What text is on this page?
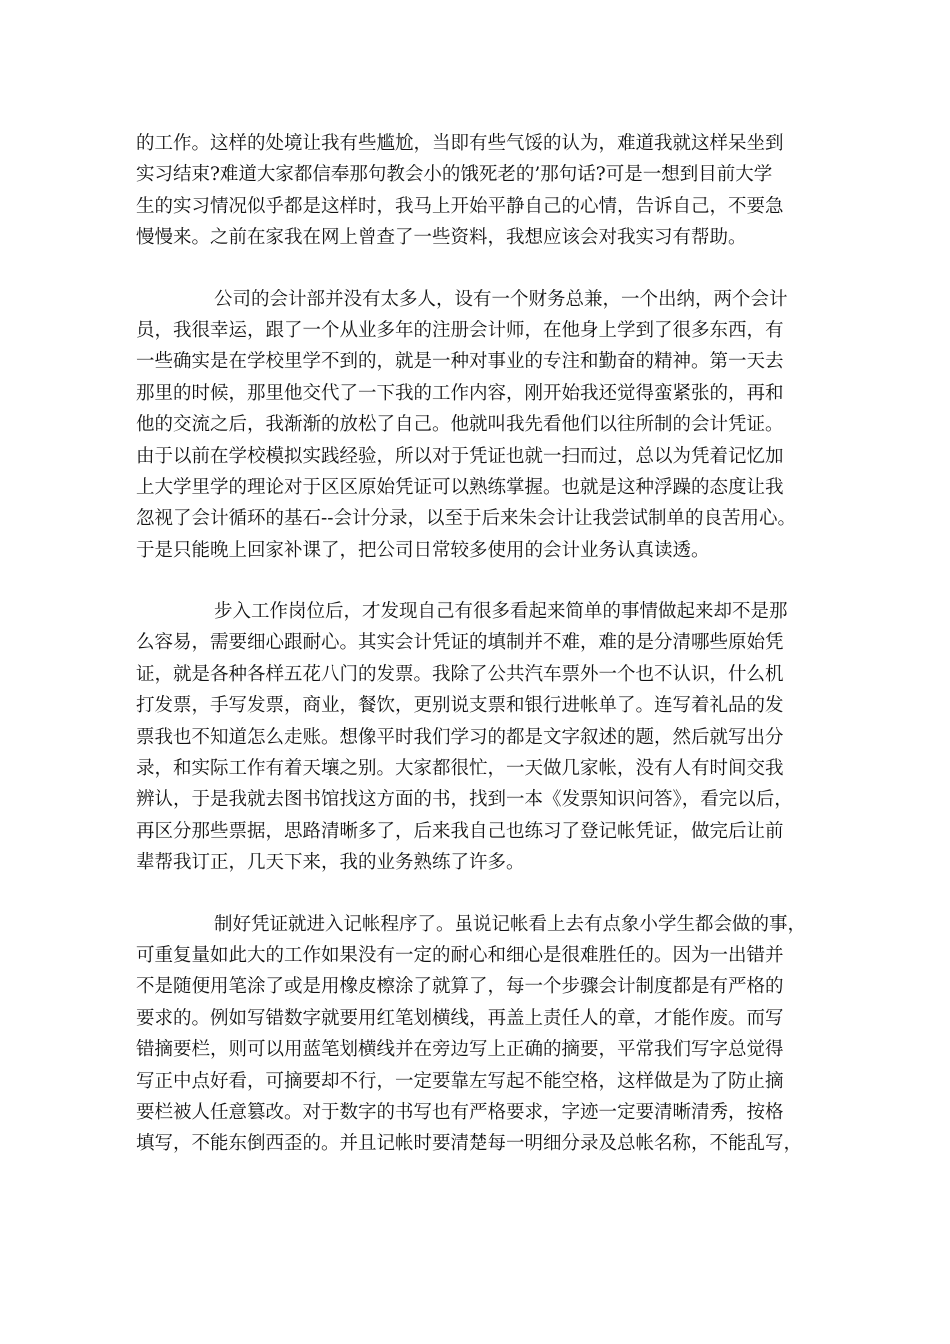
的工作。这样的处境让我有些尴尬，当即有些气馁的认为，难道我就这样呆坐到
实习结束?难道大家都信奉那句教会小的饿死老的’那句话?可是一想到目前大学
生的实习情况似乎都是这样时，我马上开始平静自己的心情，告诉自己，不要急
慢慢来。之前在家我在网上曾查了一些资料，我想应该会对我实习有帮助。

公司的会计部并没有太多人，设有一个财务总兼，一个出纳，两个会计
员，我很幸运，跟了一个从业多年的注册会计师，在他身上学到了很多东西，有
一些确实是在学校里学不到的，就是一种对事业的专注和勤奋的精神。第一天去
那里的时候，那里他交代了一下我的工作内容，刚开始我还觉得蛮紧张的，再和
他的交流之后，我渐渐的放松了自己。他就叫我先看他们以往所制的会计凭证。
由于以前在学校模拟实践经验，所以对于凭证也就一扫而过，总以为凭着记忆加
上大学里学的理论对于区区原始凭证可以熟练掌握。也就是这种浮躁的态度让我
忽视了会计循环的基石--会计分录，以至于后来朱会计让我尝试制单的良苦用心。
于是只能晚上回家补课了，把公司日常较多使用的会计业务认真读透。

步入工作岗位后，才发现自己有很多看起来简单的事情做起来却不是那
么容易，需要细心跟耐心。其实会计凭证的填制并不难，难的是分清哪些原始凭
证，就是各种各样五花八门的发票。我除了公共汽车票外一个也不认识，什么机
打发票，手写发票，商业，餐饮，更别说支票和银行进帐单了。连写着礼品的发
票我也不知道怎么走账。想像平时我们学习的都是文字叙述的题，然后就写出分
录，和实际工作有着天壤之别。大家都很忙，一天做几家帐，没有人有时间交我
辨认，于是我就去图书馆找这方面的书，找到一本《发票知识问答》，看完以后，
再区分那些票据，思路清晰多了，后来我自己也练习了登记帐凭证，做完后让前
辈帮我订正，几天下来，我的业务熟练了许多。

制好凭证就进入记帐程序了。虽说记帐看上去有点象小学生都会做的事，
可重复量如此大的工作如果没有一定的耐心和细心是很难胜任的。因为一出错并
不是随便用笔涂了或是用橡皮檫涂了就算了，每一个步骤会计制度都是有严格的
要求的。例如写错数字就要用红笔划横线，再盖上责任人的章，才能作废。而写
错摘要栏，则可以用蓝笔划横线并在旁边写上正确的摘要，平常我们写字总觉得
写正中点好看，可摘要却不行，一定要靠左写起不能空格，这样做是为了防止摘
要栏被人任意篡改。对于数字的书写也有严格要求，字迹一定要清晰清秀，按格
填写，不能东倒西歪的。并且记帐时要清楚每一明细分录及总帐名称，不能乱写，
